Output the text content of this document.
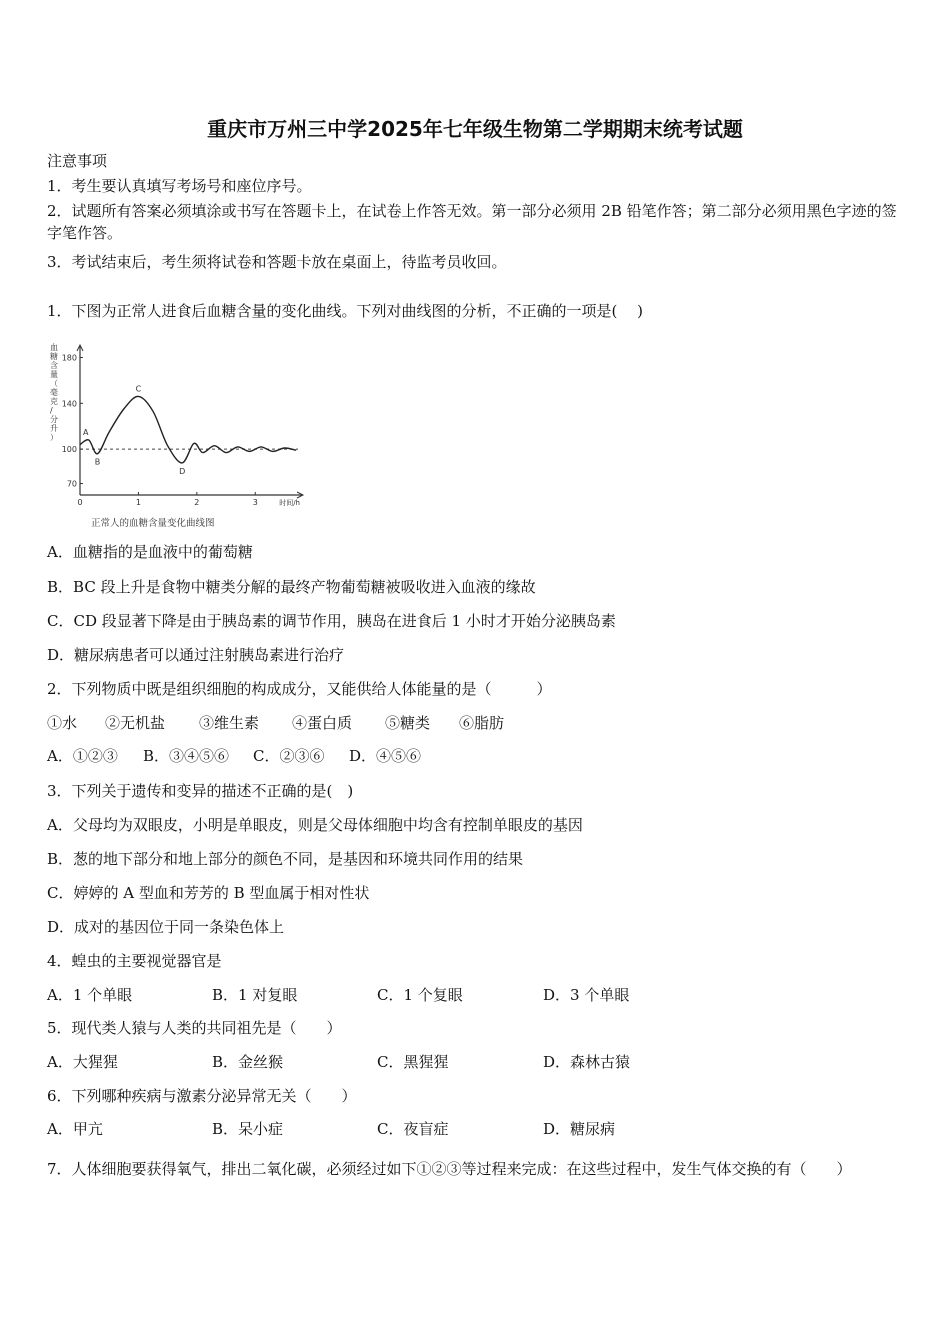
重庆市万州三中学2025年七年级生物第二学期期末统考试题
注意事项
1．考生要认真填写考场号和座位序号。
2．试题所有答案必须填涂或书写在答题卡上，在试卷上作答无效。第一部分必须用 2B 铅笔作答；第二部分必须用黑色字迹的签字笔作答。
3．考试结束后，考生须将试卷和答题卡放在桌面上，待监考员收回。
1．下图为正常人进食后血糖含量的变化曲线。下列对曲线图的分析，不正确的一项是(　 )
70
100
140
180
0	1	2	3	时间/h
血糖含量（毫克/分升）
正常人的血糖含量变化曲线图
A
B
C
D
A．血糖指的是血液中的葡萄糖
B．BC 段上升是食物中糖类分解的最终产物葡萄糖被吸收进入血液的缘故
C．CD 段显著下降是由于胰岛素的调节作用，胰岛在进食后 1 小时才开始分泌胰岛素
D．糖尿病患者可以通过注射胰岛素进行治疗
2．下列物质中既是组织细胞的构成成分，又能供给人体能量的是（　　　）
①水 ②无机盐 ③维生素 ④蛋白质 ⑤糖类 ⑥脂肪
A．①②③ B．③④⑤⑥ C．②③⑥ D．④⑤⑥
3．下列关于遗传和变异的描述不正确的是(　)
A．父母均为双眼皮，小明是单眼皮，则是父母体细胞中均含有控制单眼皮的基因
B．葱的地下部分和地上部分的颜色不同，是基因和环境共同作用的结果
C．婷婷的 A 型血和芳芳的 B 型血属于相对性状
D．成对的基因位于同一条染色体上
4．蝗虫的主要视觉器官是
A．1 个单眼	B．1 对复眼	C．1 个复眼	D．3 个单眼
5．现代类人猿与人类的共同祖先是（　　）
A．大猩猩	B．金丝猴	C．黑猩猩	D．森林古猿
6．下列哪种疾病与激素分泌异常无关（　　）
A．甲亢	B．呆小症	C．夜盲症	D．糖尿病
7．人体细胞要获得氧气，排出二氧化碳，必须经过如下①②③等过程来完成：在这些过程中，发生气体交换的有（　　）
